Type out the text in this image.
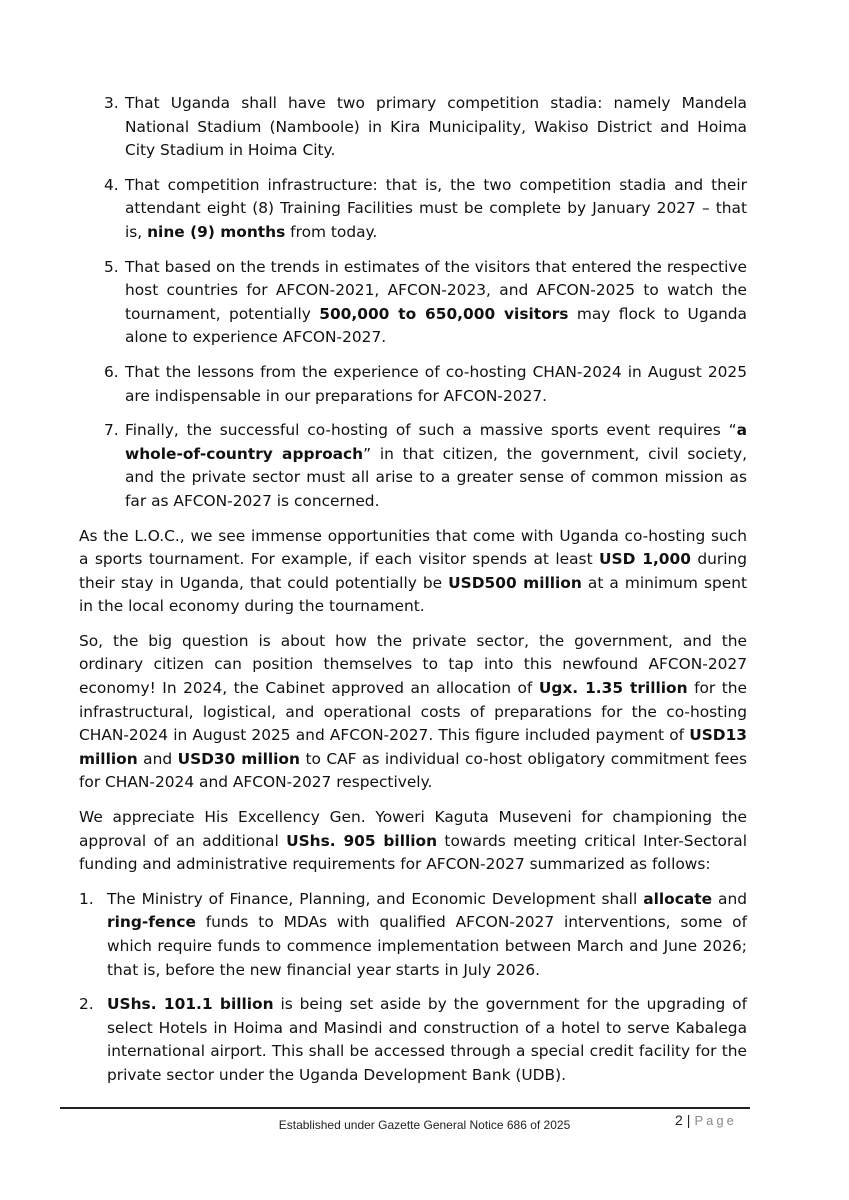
3. That Uganda shall have two primary competition stadia: namely Mandela National Stadium (Namboole) in Kira Municipality, Wakiso District and Hoima City Stadium in Hoima City.
4. That competition infrastructure: that is, the two competition stadia and their attendant eight (8) Training Facilities must be complete by January 2027 – that is, nine (9) months from today.
5. That based on the trends in estimates of the visitors that entered the respective host countries for AFCON-2021, AFCON-2023, and AFCON-2025 to watch the tournament, potentially 500,000 to 650,000 visitors may flock to Uganda alone to experience AFCON-2027.
6. That the lessons from the experience of co-hosting CHAN-2024 in August 2025 are indispensable in our preparations for AFCON-2027.
7. Finally, the successful co-hosting of such a massive sports event requires “a whole-of-country approach” in that citizen, the government, civil society, and the private sector must all arise to a greater sense of common mission as far as AFCON-2027 is concerned.

As the L.O.C., we see immense opportunities that come with Uganda co-hosting such a sports tournament. For example, if each visitor spends at least USD 1,000 during their stay in Uganda, that could potentially be USD500 million at a minimum spent in the local economy during the tournament.

So, the big question is about how the private sector, the government, and the ordinary citizen can position themselves to tap into this newfound AFCON-2027 economy! In 2024, the Cabinet approved an allocation of Ugx. 1.35 trillion for the infrastructural, logistical, and operational costs of preparations for the co-hosting CHAN-2024 in August 2025 and AFCON-2027. This figure included payment of USD13 million and USD30 million to CAF as individual co-host obligatory commitment fees for CHAN-2024 and AFCON-2027 respectively.

We appreciate His Excellency Gen. Yoweri Kaguta Museveni for championing the approval of an additional UShs. 905 billion towards meeting critical Inter-Sectoral funding and administrative requirements for AFCON-2027 summarized as follows:

1. The Ministry of Finance, Planning, and Economic Development shall allocate and ring-fence funds to MDAs with qualified AFCON-2027 interventions, some of which require funds to commence implementation between March and June 2026; that is, before the new financial year starts in July 2026.
2. UShs. 101.1 billion is being set aside by the government for the upgrading of select Hotels in Hoima and Masindi and construction of a hotel to serve Kabalega international airport. This shall be accessed through a special credit facility for the private sector under the Uganda Development Bank (UDB).
Established under Gazette General Notice 686 of 2025	2 | Page
